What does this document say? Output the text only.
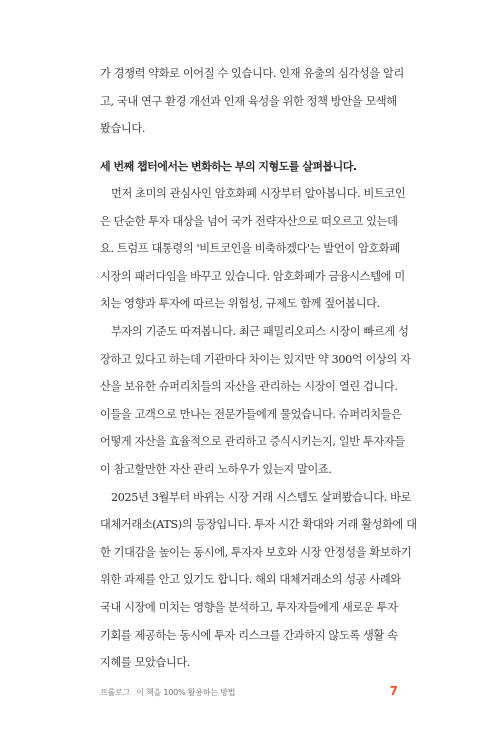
가 경쟁력 약화로 이어질 수 있습니다. 인재 유출의 심각성을 알리
고, 국내 연구 환경 개선과 인재 육성을 위한 정책 방안을 모색해
봤습니다.
세 번째 챕터에서는 변화하는 부의 지형도를 살펴봅니다.
먼저 초미의 관심사인 암호화폐 시장부터 알아봅니다. 비트코인
은 단순한 투자 대상을 넘어 국가 전략자산으로 떠오르고 있는데
요. 트럼프 대통령의 '비트코인을 비축하겠다'는 발언이 암호화폐
시장의 패러다임을 바꾸고 있습니다. 암호화폐가 금융시스템에 미
치는 영향과 투자에 따르는 위험성, 규제도 함께 짚어봅니다.
부자의 기준도 따져봅니다. 최근 패밀리오피스 시장이 빠르게 성
장하고 있다고 하는데 기관마다 차이는 있지만 약 300억 이상의 자
산을 보유한 슈퍼리치들의 자산을 관리하는 시장이 열린 겁니다.
이들을 고객으로 만나는 전문가들에게 물었습니다. 슈퍼리치들은
어떻게 자산을 효율적으로 관리하고 증식시키는지, 일반 투자자들
이 참고할만한 자산 관리 노하우가 있는지 말이죠.
2025년 3월부터 바뀌는 시장 거래 시스템도 살펴봤습니다. 바로
대체거래소(ATS)의 등장입니다. 투자 시간 확대와 거래 활성화에 대
한 기대감을 높이는 동시에, 투자자 보호와 시장 안정성을 확보하기
위한 과제를 안고 있기도 합니다. 해외 대체거래소의 성공 사례와
국내 시장에 미치는 영향을 분석하고, 투자자들에게 새로운 투자
기회를 제공하는 동시에 투자 리스크를 간과하지 않도록 생활 속
지혜를 모았습니다.
프롤로그 이 책을 100% 활용하는 방법	7
